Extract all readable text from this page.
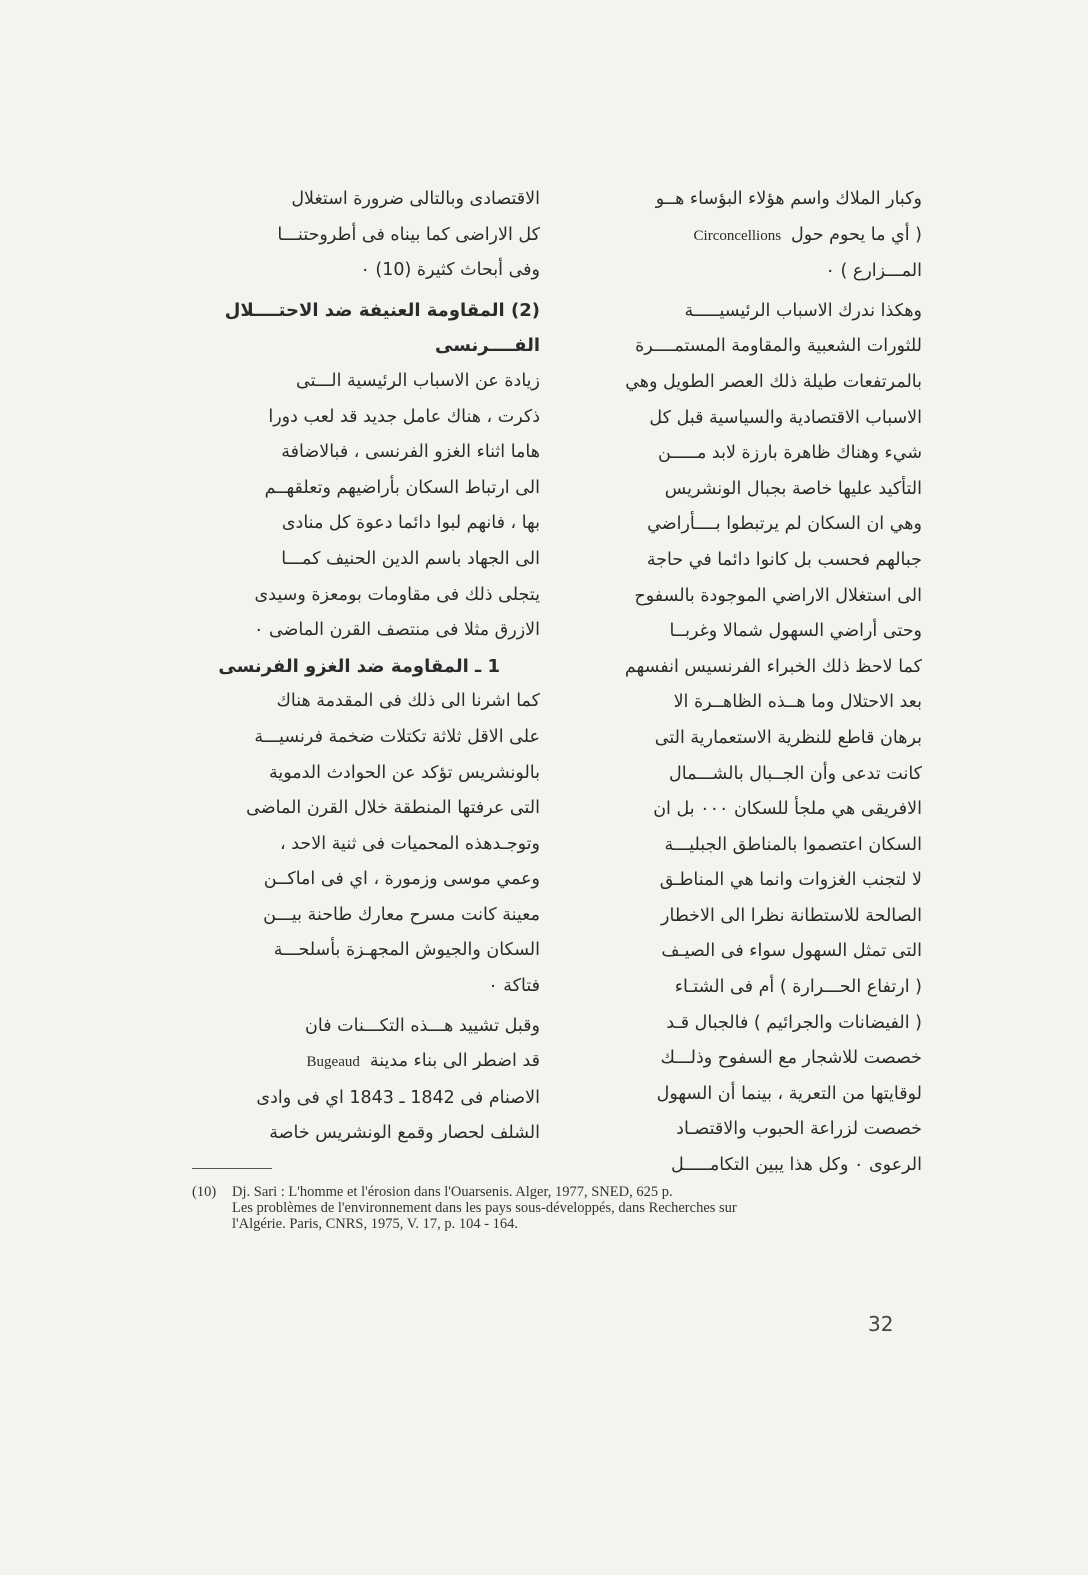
وكبار الملاك واسم هؤلاء البؤساء هــو

( أي ما يحوم حولCirconcellions

المـــزارع ) ٠

وهكذا ندرك الاسباب الرئيسيـــــة

للثورات الشعبية والمقاومة المستمــــرة

بالمرتفعات طيلة ذلك العصر الطويل وهي

الاسباب الاقتصادية والسياسية قبل كل

شيء وهناك ظاهرة بارزة لابد مـــــن

التأكيد عليها خاصة بجبال الونشريس

وهي ان السكان لم يرتبطوا بــــأراضي

جبالهم فحسب بل كانوا دائما في حاجة

الى استغلال الاراضي الموجودة بالسفوح

وحتى أراضي السهول شمالا وغربــا

كما لاحظ ذلك الخبراء الفرنسيس انفسهم

بعد الاحتلال وما هــذه الظاهــرة الا

برهان قاطع للنظرية الاستعمارية التى

كانت تدعى وأن الجــبال بالشـــمال

الافريقى هي ملجأ للسكان ٠٠٠ بل ان

السكان اعتصموا بالمناطق الجبليـــة

لا لتجنب الغزوات وانما هي المناطـق

الصالحة للاستطانة نظرا الى الاخطار

التى تمثل السهول سواء فى الصيـف

( ارتفاع الحـــرارة ) أم فى الشتـاء

( الفيضانات والجرائيم ) فالجبال قـد

خصصت للاشجار مع السفوح وذلـــك

لوقايتها من التعرية ، بينما أن السهول

خصصت لزراعة الحبوب والاقتصـاد

الرعوى ٠ وكل هذا يبين التكامـــــل

الاقتصادى وبالتالى ضرورة استغلال

كل الاراضى كما بيناه فى أطروحتنـــا

وفى أبحاث كثيرة (10) ٠

(2) المقاومة العنيفة ضد الاحتــــلال

الفــــرنسى

زيادة عن الاسباب الرئيسية الـــتى

ذكرت ، هناك عامل جديد قد لعب دورا

هاما اثناء الغزو الفرنسى ، فبالاضافة

الى ارتباط السكان بأراضيهم وتعلقهــم

بها ، فانهم لبوا دائما دعوة كل منادى

الى الجهاد باسم الدين الحنيف كمـــا

يتجلى ذلك فى مقاومات بومعزة وسيدى

الازرق مثلا فى منتصف القرن الماضى ٠

1 ـ المقاومة ضد الغزو الفرنسى

كما اشرنا الى ذلك فى المقدمة هناك

على الاقل ثلاثة تكتلات ضخمة فرنسيـــة

بالونشريس تؤكد عن الحوادث الدموية

التى عرفتها المنطقة خلال القرن الماضى

وتوجـدهذه المحميات فى ثنية الاحد ،

وعمي موسى وزمورة ، اي فى اماكــن

معينة كانت مسرح معارك طاحنة بيـــن

السكان والجيوش المجهـزة بأسلحـــة

فتاكة ٠

وقبل تشييد هـــذه التكـــنات فان

قد اضطر الى بناء مدينةBugeaud

الاصنام فى 1842 ـ 1843 اي فى وادى

الشلف لحصار وقمع الونشريس خاصة

(10) Dj. Sari : L'homme et l'érosion dans l'Ouarsenis. Alger, 1977, SNED, 625 p.
Les problèmes de l'environnement dans les pays sous-développés, dans Recherches sur
l'Algérie. Paris, CNRS, 1975, V. 17, p. 104 - 164.
32
